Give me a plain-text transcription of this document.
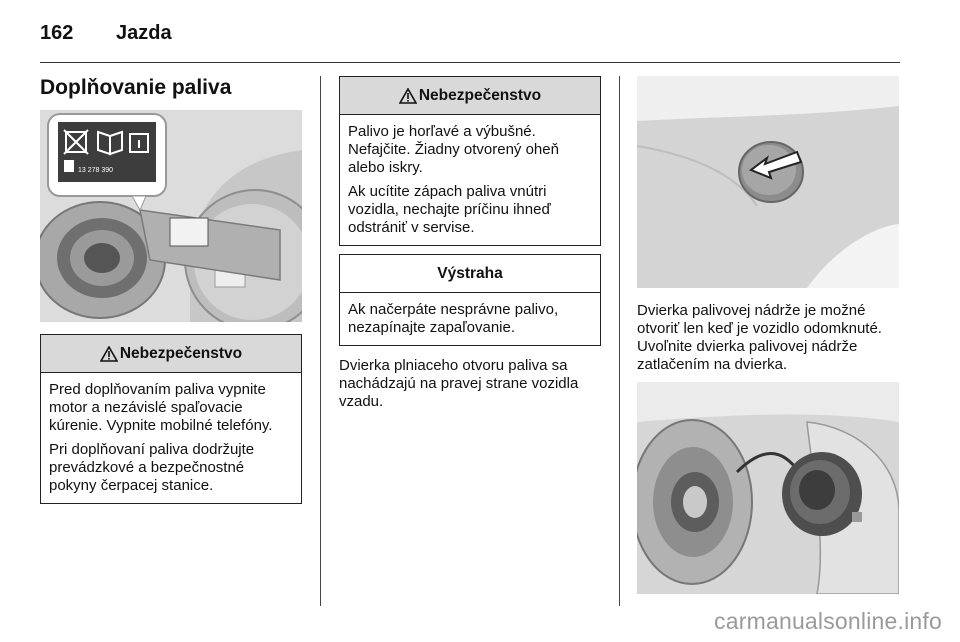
162 Jazda
Doplňovanie paliva
13 278 390
Nebezpečenstvo

Pred doplňovaním paliva vypnite motor a nezávislé spaľovacie kúrenie. Vypnite mobilné telefóny.

Pri doplňovaní paliva dodržujte prevádzkové a bezpečnostné pokyny čerpacej stanice.

Nebezpečenstvo

Palivo je horľavé a výbušné. Nefajčite. Žiadny otvorený oheň alebo iskry.

Ak ucítite zápach paliva vnútri vozidla, nechajte príčinu ihneď odstrániť v servise.

Výstraha

Ak načerpáte nesprávne palivo, nezapínajte zapaľovanie.

Dvierka plniaceho otvoru paliva sa nachádzajú na pravej strane vozidla vzadu.
Dvierka palivovej nádrže je možné otvoriť len keď je vozidlo odomknuté. Uvoľnite dvierka palivovej nádrže zatlačením na dvierka.
carmanualsonline.info
